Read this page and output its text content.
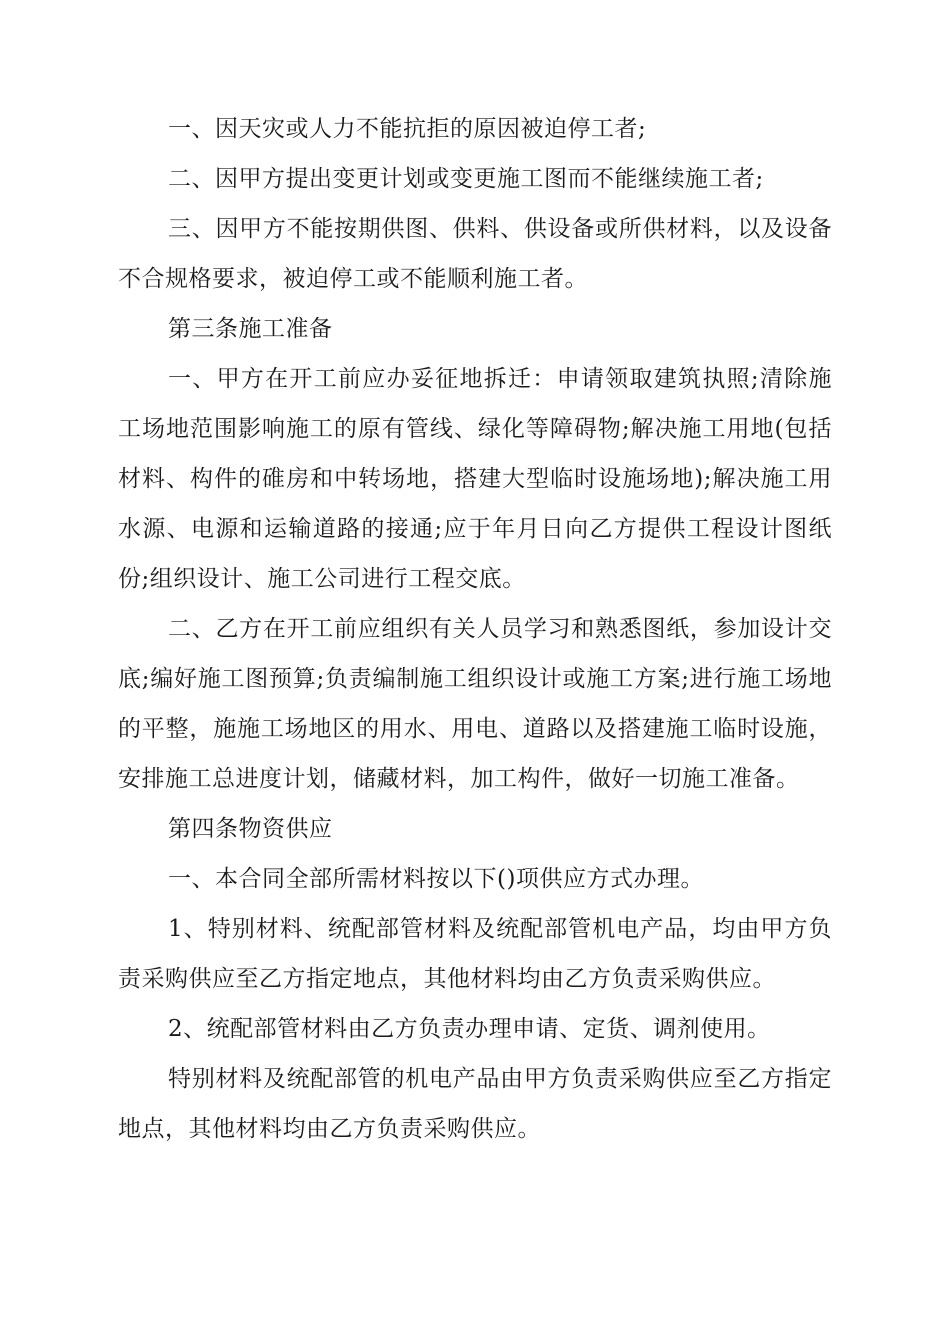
一、因天灾或人力不能抗拒的原因被迫停工者;

二、因甲方提出变更计划或变更施工图而不能继续施工者;

三、因甲方不能按期供图、供料、供设备或所供材料，以及设备不合规格要求，被迫停工或不能顺利施工者。

第三条施工准备

一、甲方在开工前应办妥征地拆迁：申请领取建筑执照;清除施工场地范围影响施工的原有管线、绿化等障碍物;解决施工用地(包括材料、构件的碓房和中转场地，搭建大型临时设施场地);解决施工用水源、电源和运输道路的接通;应于年月日向乙方提供工程设计图纸份;组织设计、施工公司进行工程交底。

二、乙方在开工前应组织有关人员学习和熟悉图纸，参加设计交底;编好施工图预算;负责编制施工组织设计或施工方案;进行施工场地的平整，施施工场地区的用水、用电、道路以及搭建施工临时设施，安排施工总进度计划，储藏材料，加工构件，做好一切施工准备。

第四条物资供应

一、本合同全部所需材料按以下()项供应方式办理。

1、特别材料、统配部管材料及统配部管机电产品，均由甲方负责采购供应至乙方指定地点，其他材料均由乙方负责采购供应。

2、统配部管材料由乙方负责办理申请、定货、调剂使用。

特别材料及统配部管的机电产品由甲方负责采购供应至乙方指定地点，其他材料均由乙方负责采购供应。
